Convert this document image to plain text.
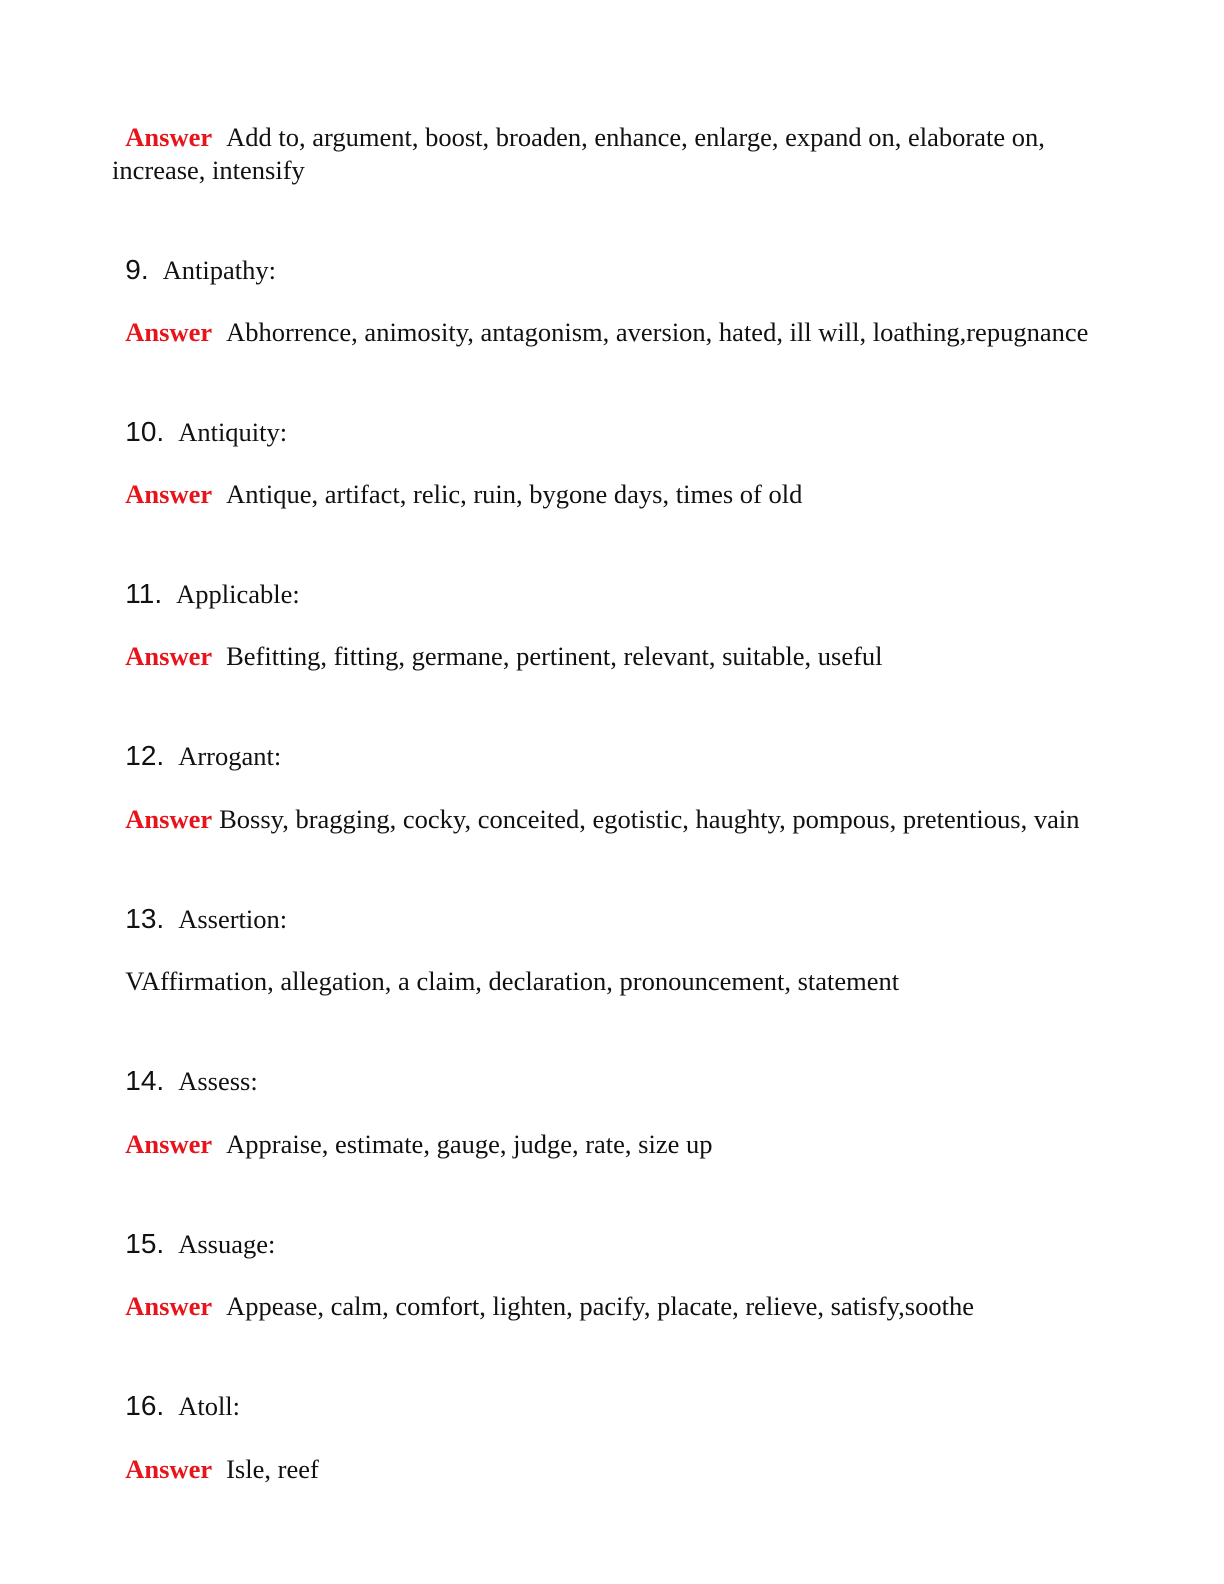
Answer Add to, argument, boost, broaden, enhance, enlarge, expand on, elaborate on, increase, intensify

9. Antipathy:

Answer Abhorrence, animosity, antagonism, aversion, hated, ill will, loathing,repugnance

10. Antiquity:

Answer Antique, artifact, relic, ruin, bygone days, times of old

11. Applicable:

Answer Befitting, fitting, germane, pertinent, relevant, suitable, useful

12. Arrogant:

Answer Bossy, bragging, cocky, conceited, egotistic, haughty, pompous, pretentious, vain

13. Assertion:

VAffirmation, allegation, a claim, declaration, pronouncement, statement

14. Assess:

Answer Appraise, estimate, gauge, judge, rate, size up

15. Assuage:

Answer Appease, calm, comfort, lighten, pacify, placate, relieve, satisfy,soothe

16. Atoll:

Answer Isle, reef
